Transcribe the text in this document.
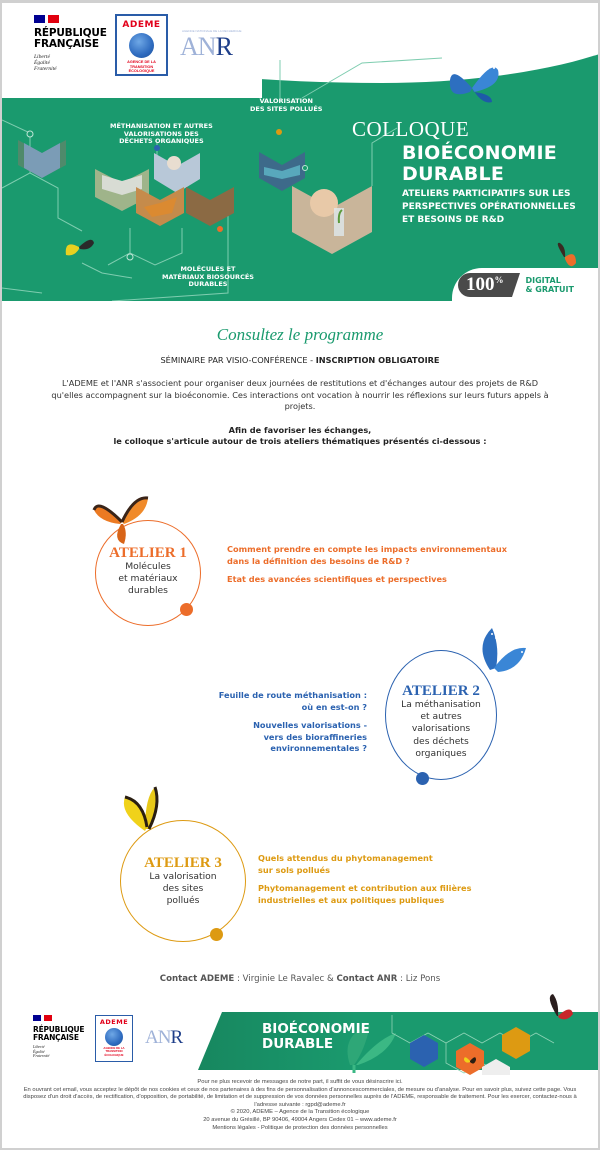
MÉTHANISATION ET AUTRES
VALORISATIONS DES
DÉCHETS ORGANIQUES
VALORISATION
DES SITES POLLUÉS
MOLÉCULES ET
MATÉRIAUX BIOSOURCÉS
DURABLES
COLLOQUE
BIOÉCONOMIE
DURABLE
ATELIERS PARTICIPATIFS SUR LES
PERSPECTIVES OPÉRATIONNELLES
ET BESOINS DE R&D
RÉPUBLIQUE
FRANÇAISE
Liberté
Égalité
Fraternité
ADEME
AGENCE DE LA
TRANSITION
ÉCOLOGIQUE
AGENCE NATIONALE DE LA RECHERCHE
ANR
100%	DIGITAL
& GRATUIT
Consultez le programme
SÉMINAIRE PAR VISIO-CONFÉRENCE - INSCRIPTION OBLIGATOIRE
L'ADEME et l'ANR s'associent pour organiser deux journées de restitutions et d'échanges autour des projets de R&D qu'elles accompagnent sur la bioéconomie. Ces interactions ont vocation à nourrir les réflexions sur leurs futurs appels à projets.
Afin de favoriser les échanges,
le colloque s'articule autour de trois ateliers thématiques présentés ci-dessous :
ATELIER 1
Molécules
et matériaux
durables

Comment prendre en compte les impacts environnementaux
dans la définition des besoins de R&D ?

Etat des avancées scientifiques et perspectives

ATELIER 2
La méthanisation
et autres
valorisations
des déchets
organiques

Feuille de route méthanisation :
où en est-on ?

Nouvelles valorisations -
vers des bioraffineries environnementales ?

ATELIER 3
La valorisation
des sites
pollués

Quels attendus du phytomanagement
sur sols pollués

Phytomanagement et contribution aux filières
industrielles et aux politiques publiques

Contact ADEME : Virginie Le Ravalec & Contact ANR : Liz Pons
RÉPUBLIQUE
FRANÇAISE
Liberté
Égalité
Fraternité
ADEME
AGENCE DE LA
TRANSITION
ÉCOLOGIQUE
ANR	BIOÉCONOMIE
DURABLE
Pour ne plus recevoir de messages de notre part, il suffit de vous désinscrire ici.
En ouvrant cet email, vous acceptez le dépôt de nos cookies et ceux de nos partenaires à des fins de personnalisation d'annoncescommerciales, de mesure ou d'analyse. Pour en savoir plus, suivez cette page. Vous disposez d'un droit d'accès, de rectification, d'opposition, de portabilité, de limitation et de suppression de vos données personnelles auprès de l'ADEME, responsable de traitement. Pour les exercer, contactez-nous à l'adresse suivante : rgpd@ademe.fr
© 2020, ADEME – Agence de la Transition écologique
20 avenue du Grésillé, BP 90406, 49004 Angers Cedex 01 – www.ademe.fr
Mentions légales - Politique de protection des données personnelles
